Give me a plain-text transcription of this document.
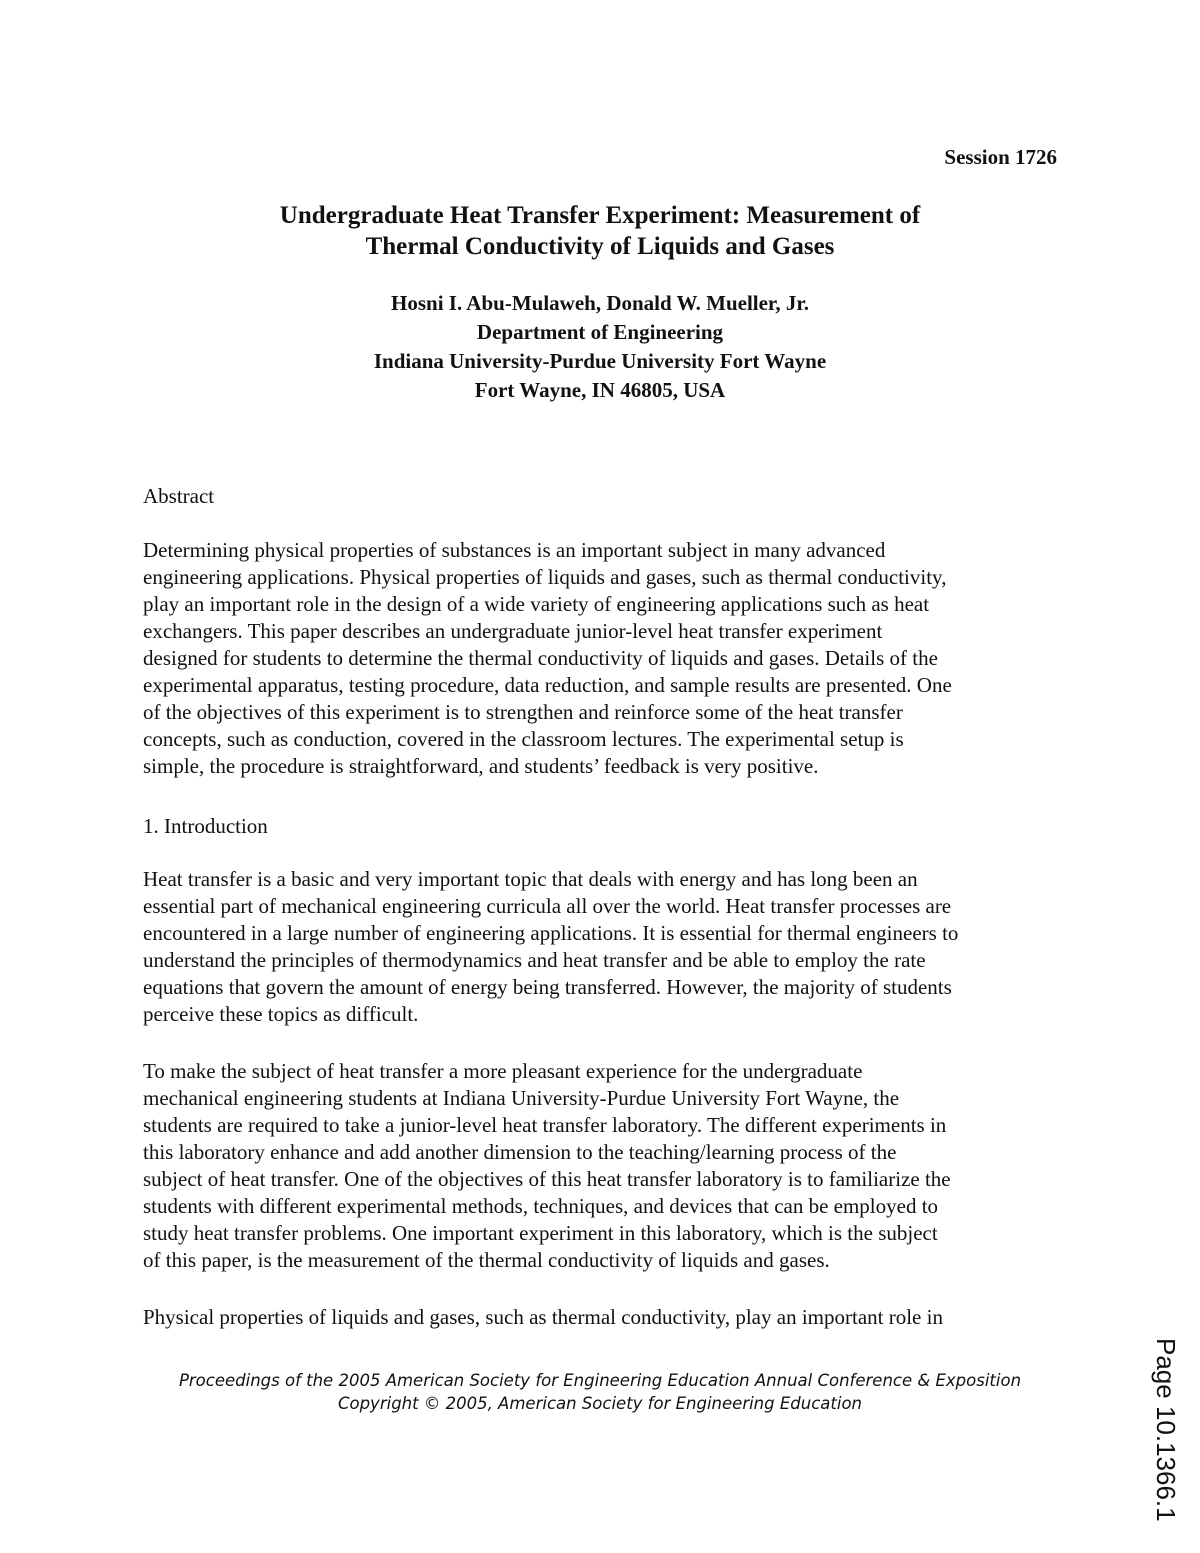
Session 1726
Undergraduate Heat Transfer Experiment: Measurement of
Thermal Conductivity of Liquids and Gases
Hosni I. Abu-Mulaweh, Donald W. Mueller, Jr.
Department of Engineering
Indiana University-Purdue University Fort Wayne
Fort Wayne, IN 46805, USA
Abstract
Determining physical properties of substances is an important subject in many advanced
engineering applications. Physical properties of liquids and gases, such as thermal conductivity,
play an important role in the design of a wide variety of engineering applications such as heat
exchangers. This paper describes an undergraduate junior-level heat transfer experiment
designed for students to determine the thermal conductivity of liquids and gases. Details of the
experimental apparatus, testing procedure, data reduction, and sample results are presented. One
of the objectives of this experiment is to strengthen and reinforce some of the heat transfer
concepts, such as conduction, covered in the classroom lectures. The experimental setup is
simple, the procedure is straightforward, and students’ feedback is very positive.
1. Introduction
Heat transfer is a basic and very important topic that deals with energy and has long been an
essential part of mechanical engineering curricula all over the world. Heat transfer processes are
encountered in a large number of engineering applications. It is essential for thermal engineers to
understand the principles of thermodynamics and heat transfer and be able to employ the rate
equations that govern the amount of energy being transferred. However, the majority of students
perceive these topics as difficult.
To make the subject of heat transfer a more pleasant experience for the undergraduate
mechanical engineering students at Indiana University-Purdue University Fort Wayne, the
students are required to take a junior-level heat transfer laboratory. The different experiments in
this laboratory enhance and add another dimension to the teaching/learning process of the
subject of heat transfer. One of the objectives of this heat transfer laboratory is to familiarize the
students with different experimental methods, techniques, and devices that can be employed to
study heat transfer problems. One important experiment in this laboratory, which is the subject
of this paper, is the measurement of the thermal conductivity of liquids and gases.
Physical properties of liquids and gases, such as thermal conductivity, play an important role in
Proceedings of the 2005 American Society for Engineering Education Annual Conference & Exposition
Copyright © 2005, American Society for Engineering Education	Page 10.1366.1
